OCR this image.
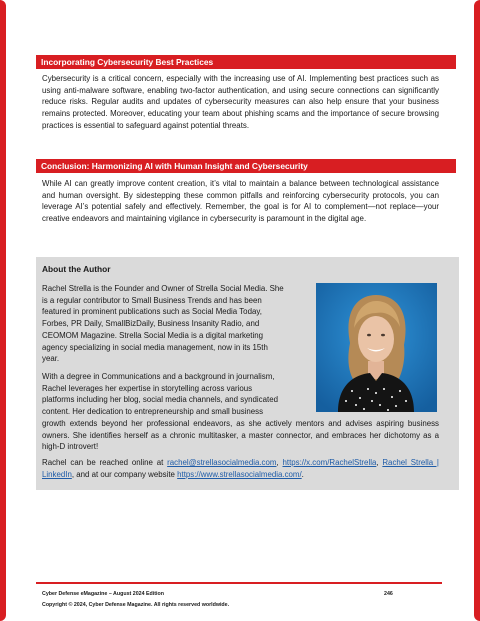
Incorporating Cybersecurity Best Practices

Cybersecurity is a critical concern, especially with the increasing use of AI. Implementing best practices such as using anti-malware software, enabling two-factor authentication, and using secure connections can significantly reduce risks. Regular audits and updates of cybersecurity measures can also help ensure that your business remains protected. Moreover, educating your team about phishing scams and the importance of secure browsing practices is essential to safeguard against potential threats.

Conclusion: Harmonizing AI with Human Insight and Cybersecurity

While AI can greatly improve content creation, it’s vital to maintain a balance between technological assistance and human oversight. By sidestepping these common pitfalls and reinforcing cybersecurity protocols, you can leverage AI’s potential safely and effectively. Remember, the goal is for AI to complement—not replace—your creative endeavors and maintaining vigilance in cybersecurity is paramount in the digital age.

About the Author

Rachel Strella is the Founder and Owner of Strella Social Media. She
is a regular contributor to Small Business Trends and has been
featured in prominent publications such as Social Media Today,
Forbes, PR Daily, SmallBizDaily, Business Insanity Radio, and
CEOMOM Magazine. Strella Social Media is a digital marketing
agency specializing in social media management, now in its 15th
year.
With a degree in Communications and a background in journalism,
Rachel leverages her expertise in storytelling across various
platforms including her blog, social media channels, and syndicated
content. Her dedication to entrepreneurship and small business

growth extends beyond her professional endeavors, as she actively mentors and advises aspiring business owners. She identifies herself as a chronic multitasker, a master connector, and embraces her dichotomy as a high-D introvert!

Rachel can be reached online at rachel@strellasocialmedia.com, https://x.com/RachelStrella, Rachel Strella | LinkedIn, and at our company website https://www.strellasocialmedia.com/.

Cyber Defense eMagazine – August 2024 Edition	246
Copyright © 2024, Cyber Defense Magazine. All rights reserved worldwide.
